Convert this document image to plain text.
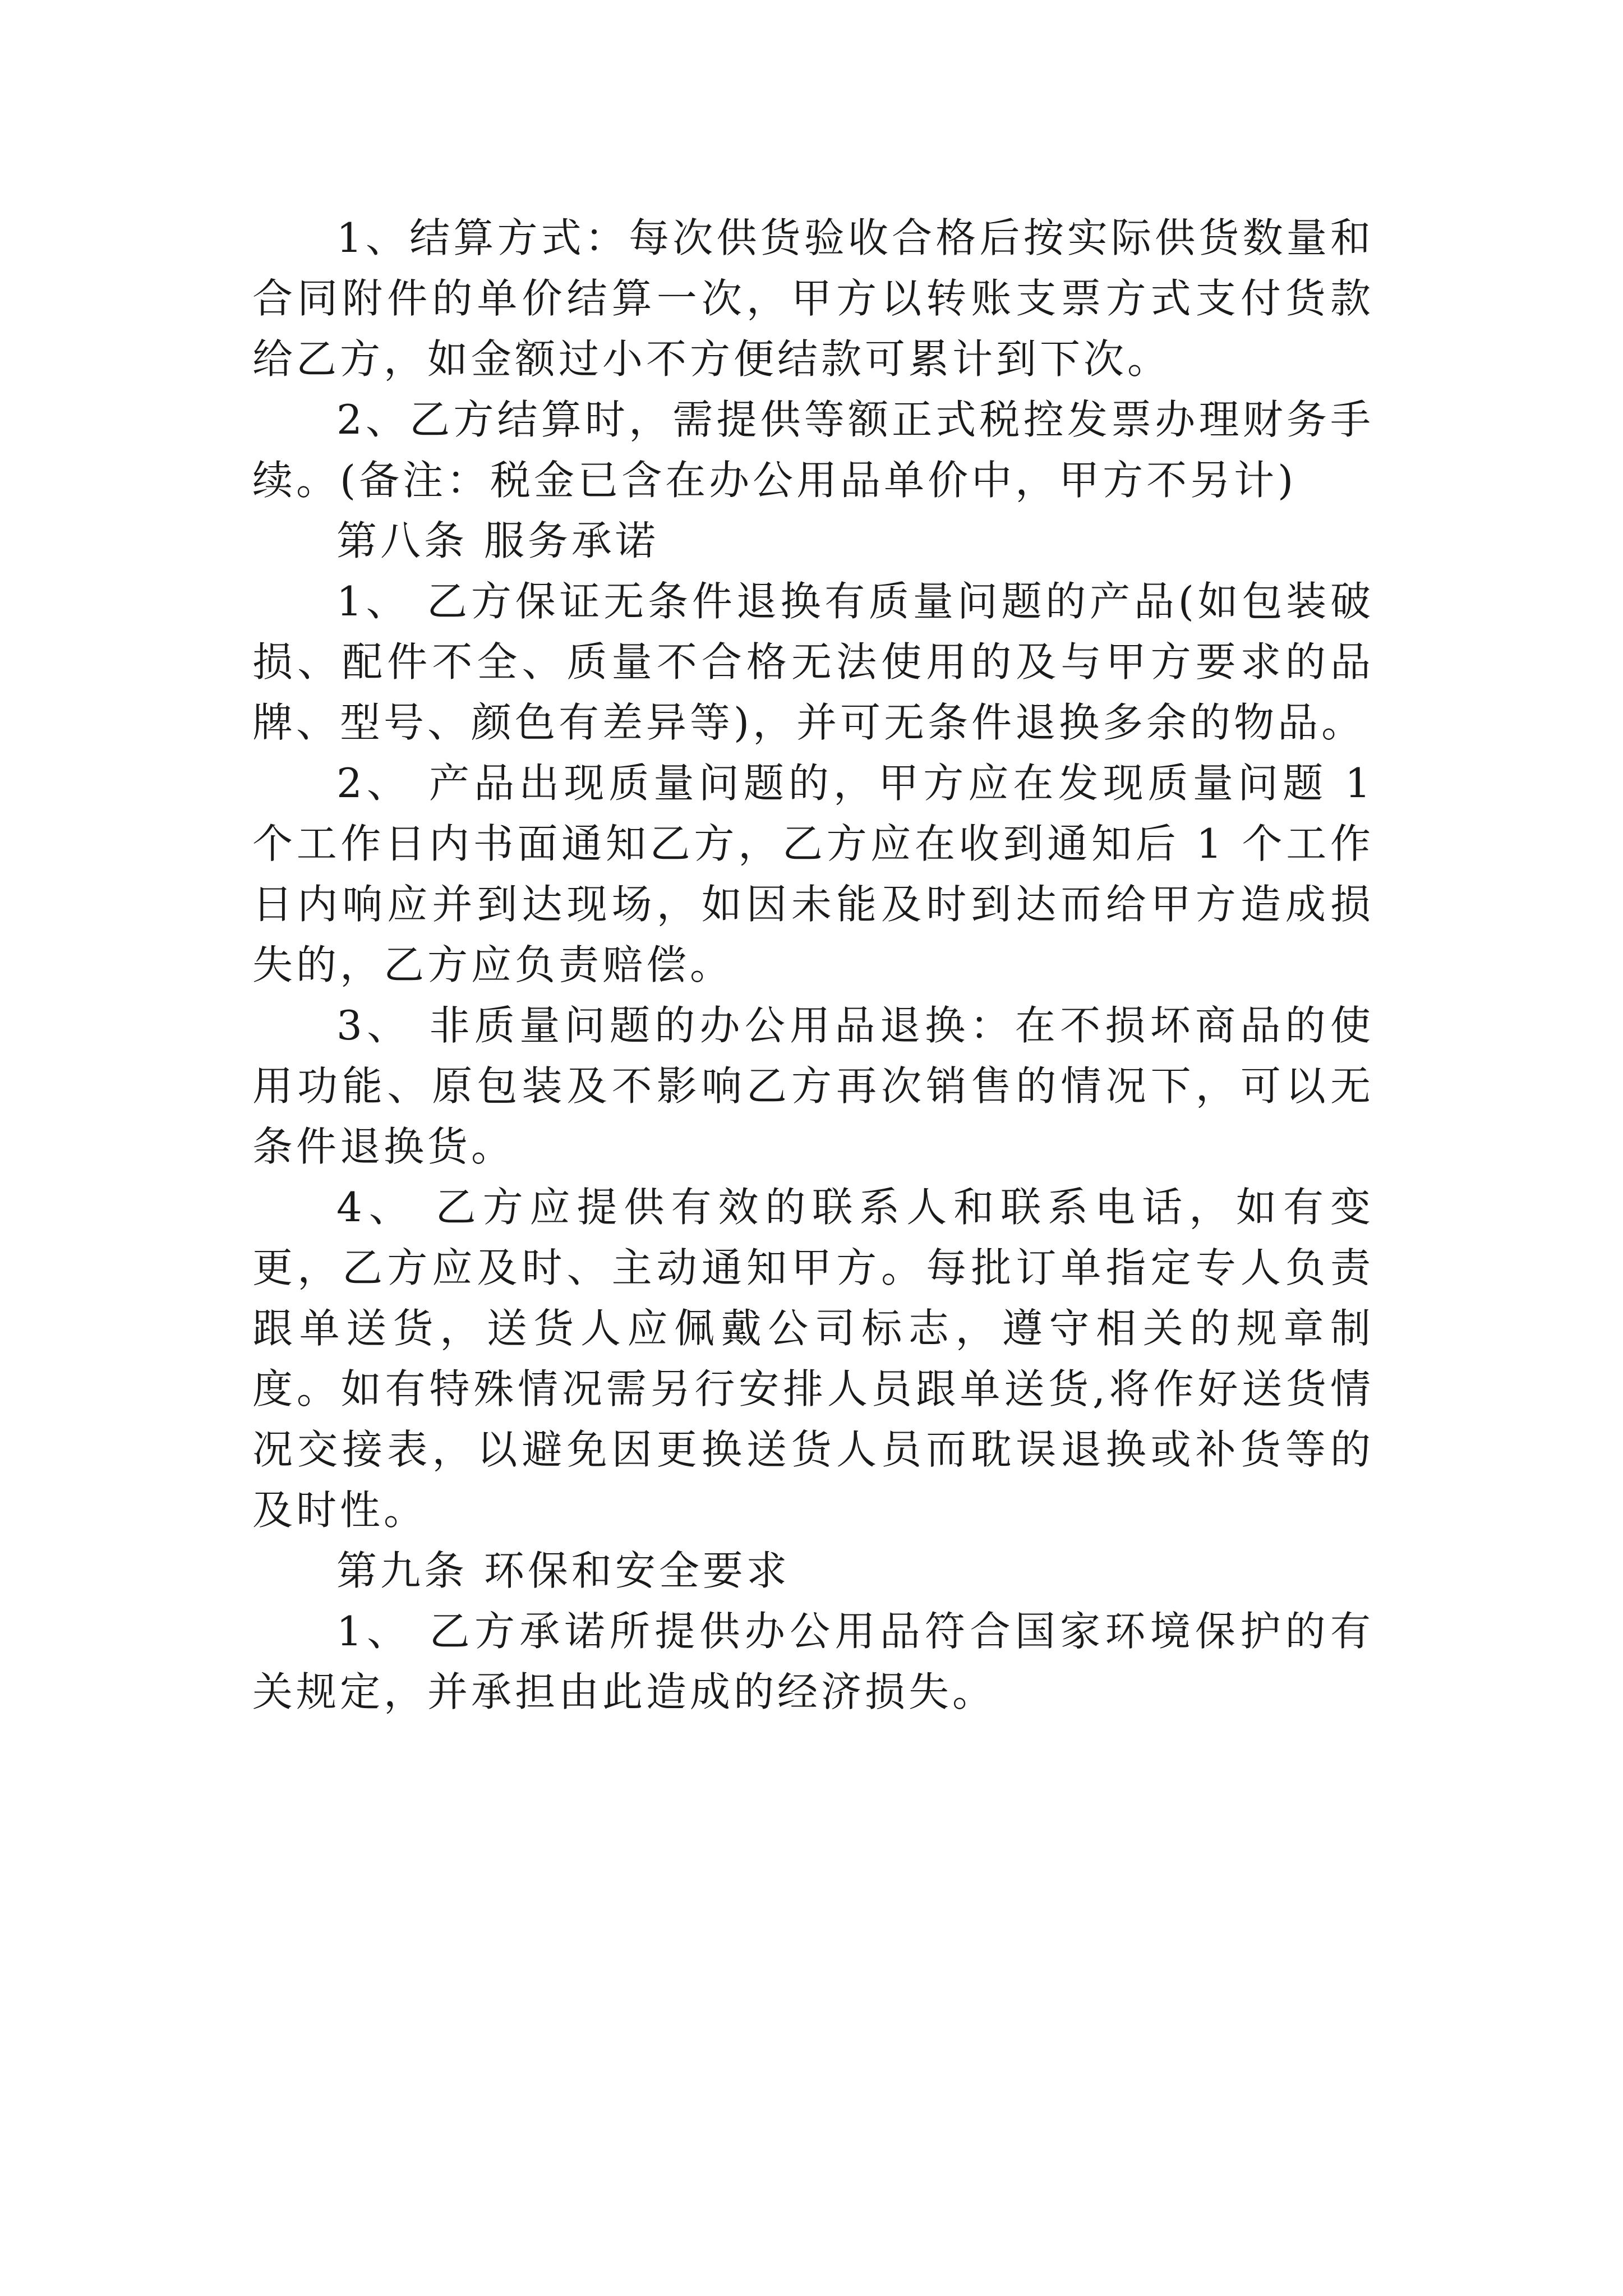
1、结算方式：每次供货验收合格后按实际供货数量和合同附件的单价结算一次，甲方以转账支票方式支付货款给乙方，如金额过小不方便结款可累计到下次。

2、乙方结算时，需提供等额正式税控发票办理财务手续。(备注：税金已含在办公用品单价中，甲方不另计)

第八条 服务承诺

1、 乙方保证无条件退换有质量问题的产品(如包装破损、配件不全、质量不合格无法使用的及与甲方要求的品牌、型号、颜色有差异等)，并可无条件退换多余的物品。

2、 产品出现质量问题的，甲方应在发现质量问题 1 个工作日内书面通知乙方，乙方应在收到通知后 1 个工作日内响应并到达现场，如因未能及时到达而给甲方造成损失的，乙方应负责赔偿。

3、 非质量问题的办公用品退换：在不损坏商品的使用功能、原包装及不影响乙方再次销售的情况下，可以无条件退换货。

4、 乙方应提供有效的联系人和联系电话，如有变更，乙方应及时、主动通知甲方。每批订单指定专人负责跟单送货，送货人应佩戴公司标志，遵守相关的规章制度。如有特殊情况需另行安排人员跟单送货,将作好送货情况交接表，以避免因更换送货人员而耽误退换或补货等的及时性。

第九条 环保和安全要求

1、 乙方承诺所提供办公用品符合国家环境保护的有关规定，并承担由此造成的经济损失。
